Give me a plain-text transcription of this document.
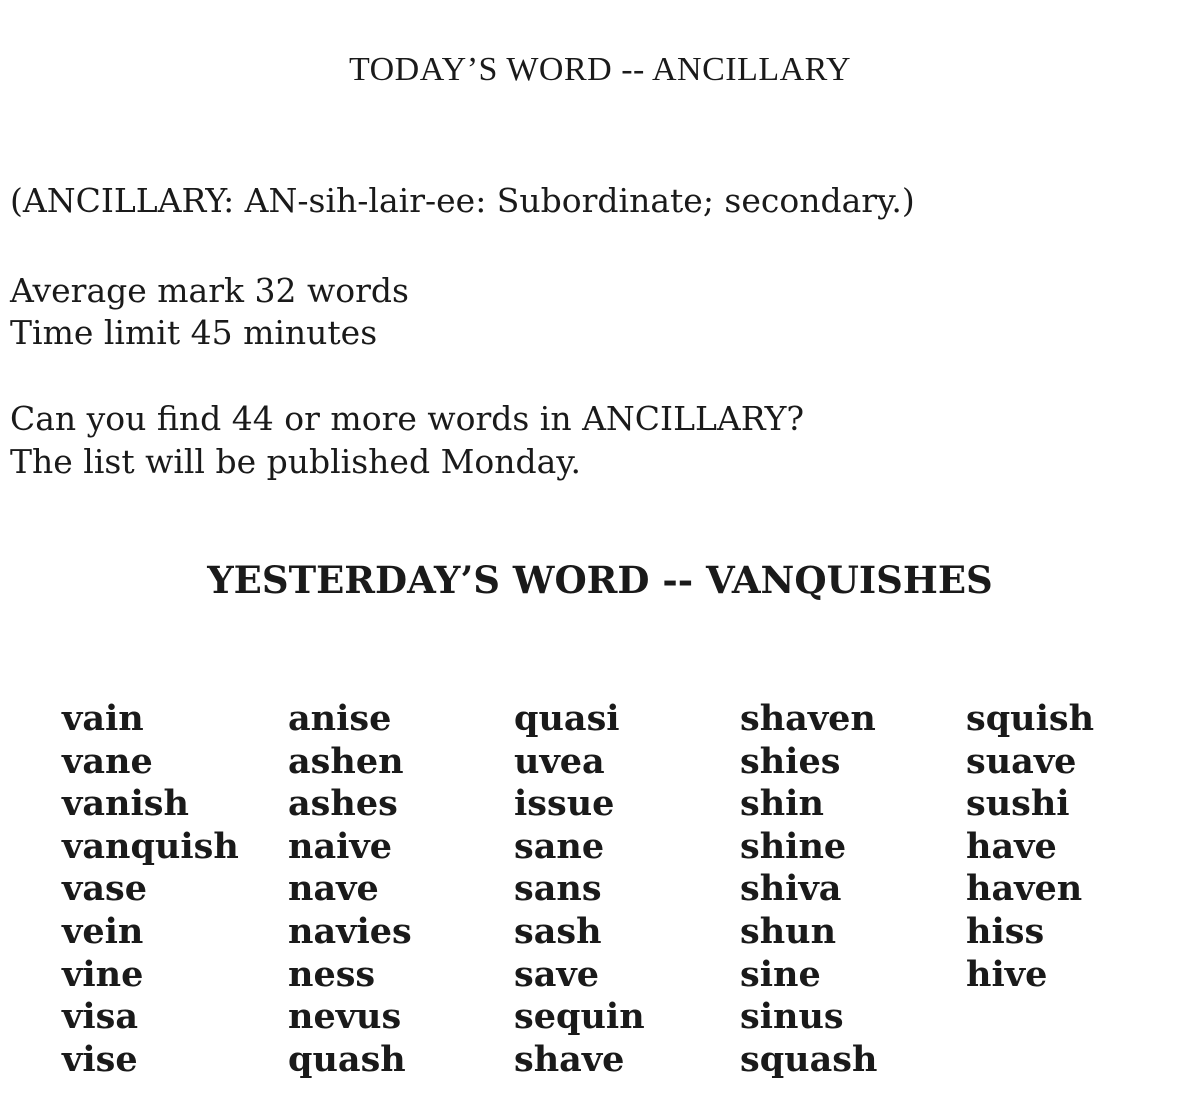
TODAY’S WORD -- ANCILLARY
(ANCILLARY: AN-sih-lair-ee: Subordinate; secondary.)
Average mark 32 words
Time limit 45 minutes
Can you find 44 or more words in ANCILLARY?
The list will be published Monday.
YESTERDAY’S WORD -- VANQUISHES
vain
vane
vanish
vanquish
vase
vein
vine
visa
vise
anise
ashen
ashes
naive
nave
navies
ness
nevus
quash
quasi
uvea
issue
sane
sans
sash
save
sequin
shave
shaven
shies
shin
shine
shiva
shun
sine
sinus
squash
squish
suave
sushi
have
haven
hiss
hive
